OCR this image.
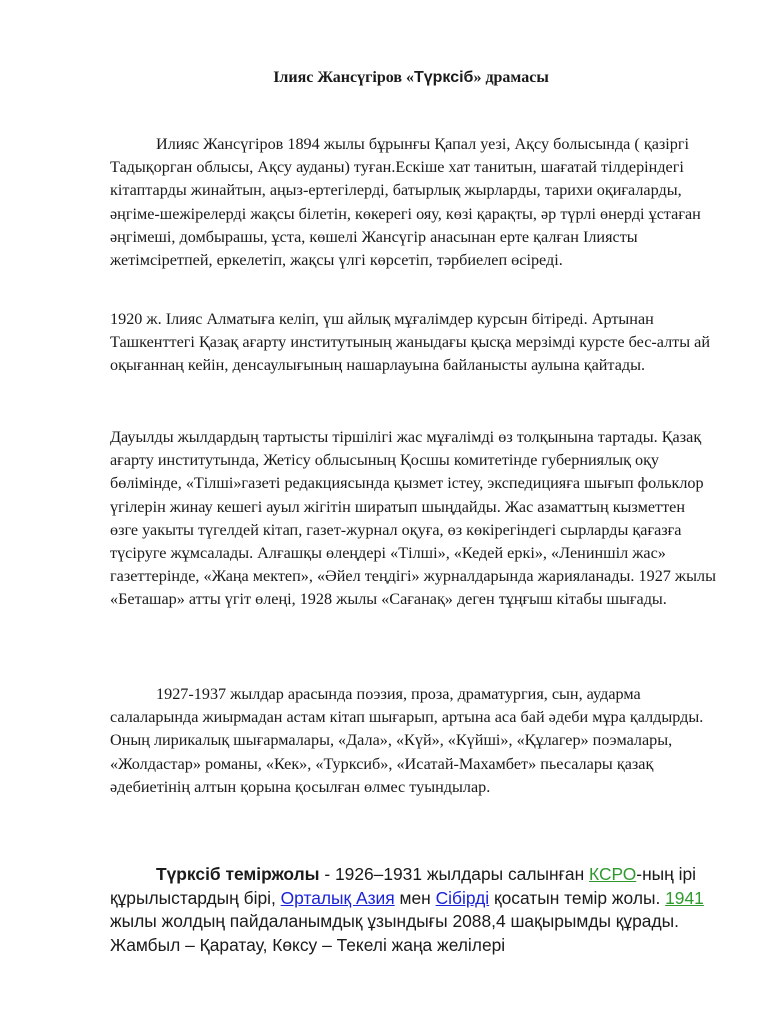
Ілияс Жансүгіров «Түрксіб» драмасы

Илияс Жансүгіров 1894 жылы бұрынғы Қапал уезі, Ақсу болысында ( қазіргі Тадықорган облысы, Ақсу ауданы) туған.Ескіше хат танитын, шағатай тілдеріндегі кітаптарды жинайтын, аңыз-ертегілерді, батырлық жырларды, тарихи оқиғаларды, әңгіме-шежірелерді жақсы білетін, көкерегі ояу, көзі қарақты, әр түрлі өнерді ұстаған әңгімеші, домбырашы, ұста, көшелі Жансүгір анасынан ерте қалған Ілиясты жетімсіретпей, еркелетіп, жақсы үлгі көрсетіп, тәрбиелеп өсіреді.

1920 ж. Ілияс Алматыға келіп, үш айлық мұғалімдер курсын бітіреді. Артынан Ташкенттегі Қазақ ағарту институтының жаныдағы қысқа мерзімді курсте бес-алты ай оқығаннаң кейін, денсаулығының нашарлауына байланысты аулына қайтады.

Дауылды жылдардың тартысты тіршілігі жас мұғалімді өз толқынына тартады. Қазақ ағарту институтында, Жетісу облысының Қосшы комитетінде губерниялық оқу бөлімінде, «Тілші»газеті редакциясында қызмет істеу, экспедицияға шығып фольклор үгілерін жинау кешегі ауыл жігітін ширатып шыңдайды. Жас азаматтың кызметтен өзге уакыты түгелдей кітап, газет-журнал оқуға, өз көкірегіндегі сырларды қағазға түсіруге жұмсалады. Алғашқы өлеңдері «Тілші», «Кедей еркі», «Лениншіл жас» газеттерінде, «Жаңа мектеп», «Әйел теңдігі» журналдарында жарияланады. 1927 жылы «Беташар» атты үгіт өлеңі, 1928 жылы «Сағанақ» деген тұңғыш кітабы шығады.

1927-1937 жылдар арасында поэзия, проза, драматургия, сын, аударма салаларында жиырмадан астам кітап шығарып, артына аса бай әдеби мұра қалдырды. Оның лирикалық шығармалары, «Дала», «Күй», «Күйші», «Құлагер» поэмалары, «Жолдастар» романы, «Кек», «Турксиб», «Исатай-Махамбет» пьесалары қазақ әдебиетінің алтын қорына қосылған өлмес туындылар.

Түрксіб теміржолы - 1926–1931 жылдары салынған КСРО-ның ірі құрылыстардың бірі, Орталық Азия мен Сібірді қосатын темір жолы. 1941 жылы жолдың пайдаланымдық ұзындығы 2088,4 шақырымды құрады. Жамбыл – Қаратау, Көксу – Текелі жаңа желілері
